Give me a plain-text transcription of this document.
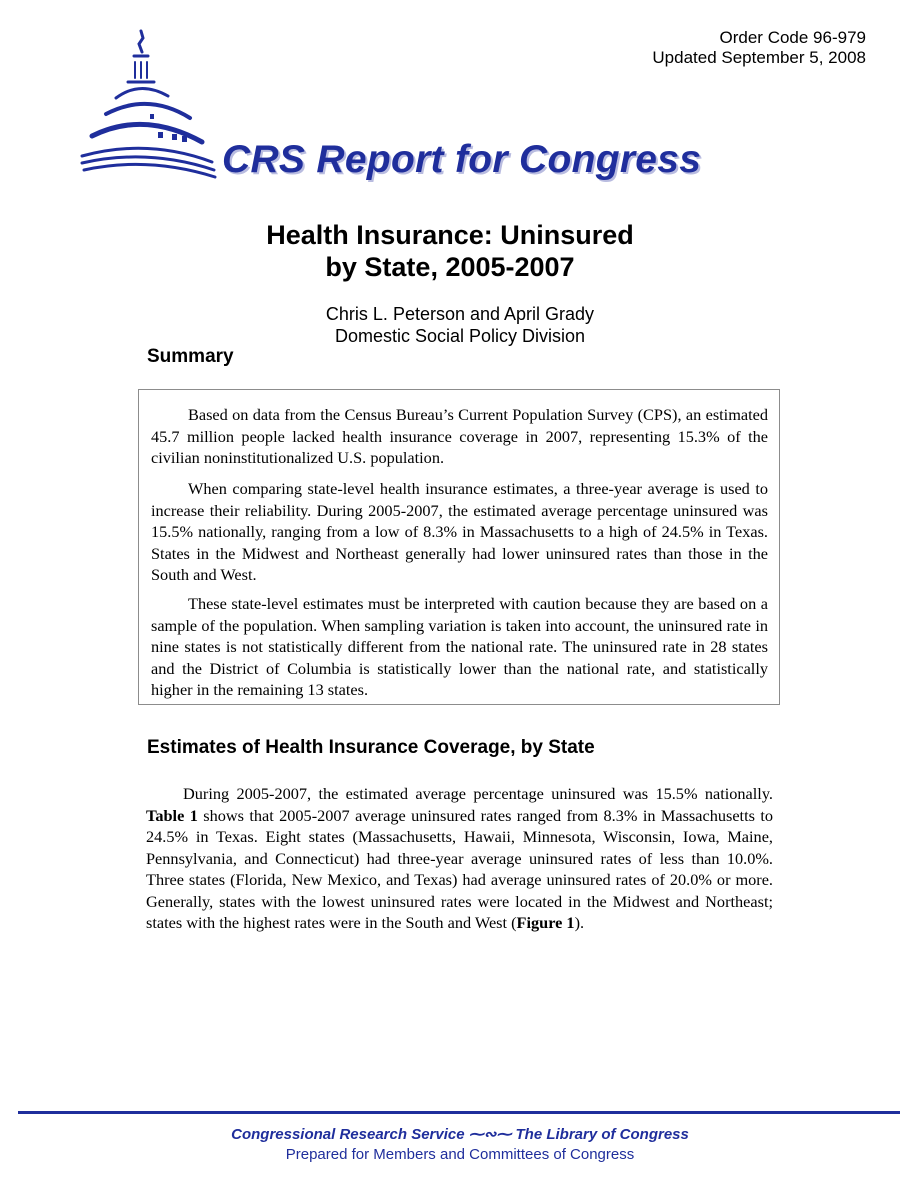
Order Code 96-979
Updated September 5, 2008
CRS Report for Congress
Health Insurance: Uninsured
by State, 2005-2007
Chris L. Peterson and April Grady
Domestic Social Policy Division
Summary

Based on data from the Census Bureau’s Current Population Survey (CPS), an estimated 45.7 million people lacked health insurance coverage in 2007, representing 15.3% of the civilian noninstitutionalized U.S. population.

When comparing state-level health insurance estimates, a three-year average is used to increase their reliability. During 2005-2007, the estimated average percentage uninsured was 15.5% nationally, ranging from a low of 8.3% in Massachusetts to a high of 24.5% in Texas. States in the Midwest and Northeast generally had lower uninsured rates than those in the South and West.

These state-level estimates must be interpreted with caution because they are based on a sample of the population. When sampling variation is taken into account, the uninsured rate in nine states is not statistically different from the national rate. The uninsured rate in 28 states and the District of Columbia is statistically lower than the national rate, and statistically higher in the remaining 13 states.

Estimates of Health Insurance Coverage, by State

During 2005-2007, the estimated average percentage uninsured was 15.5% nationally. Table 1 shows that 2005-2007 average uninsured rates ranged from 8.3% in Massachusetts to 24.5% in Texas. Eight states (Massachusetts, Hawaii, Minnesota, Wisconsin, Iowa, Maine, Pennsylvania, and Connecticut) had three-year average uninsured rates of less than 10.0%. Three states (Florida, New Mexico, and Texas) had average uninsured rates of 20.0% or more. Generally, states with the lowest uninsured rates were located in the Midwest and Northeast; states with the highest rates were in the South and West (Figure 1).

Congressional Research Service ⁓∾⁓ The Library of Congress
Prepared for Members and Committees of Congress
